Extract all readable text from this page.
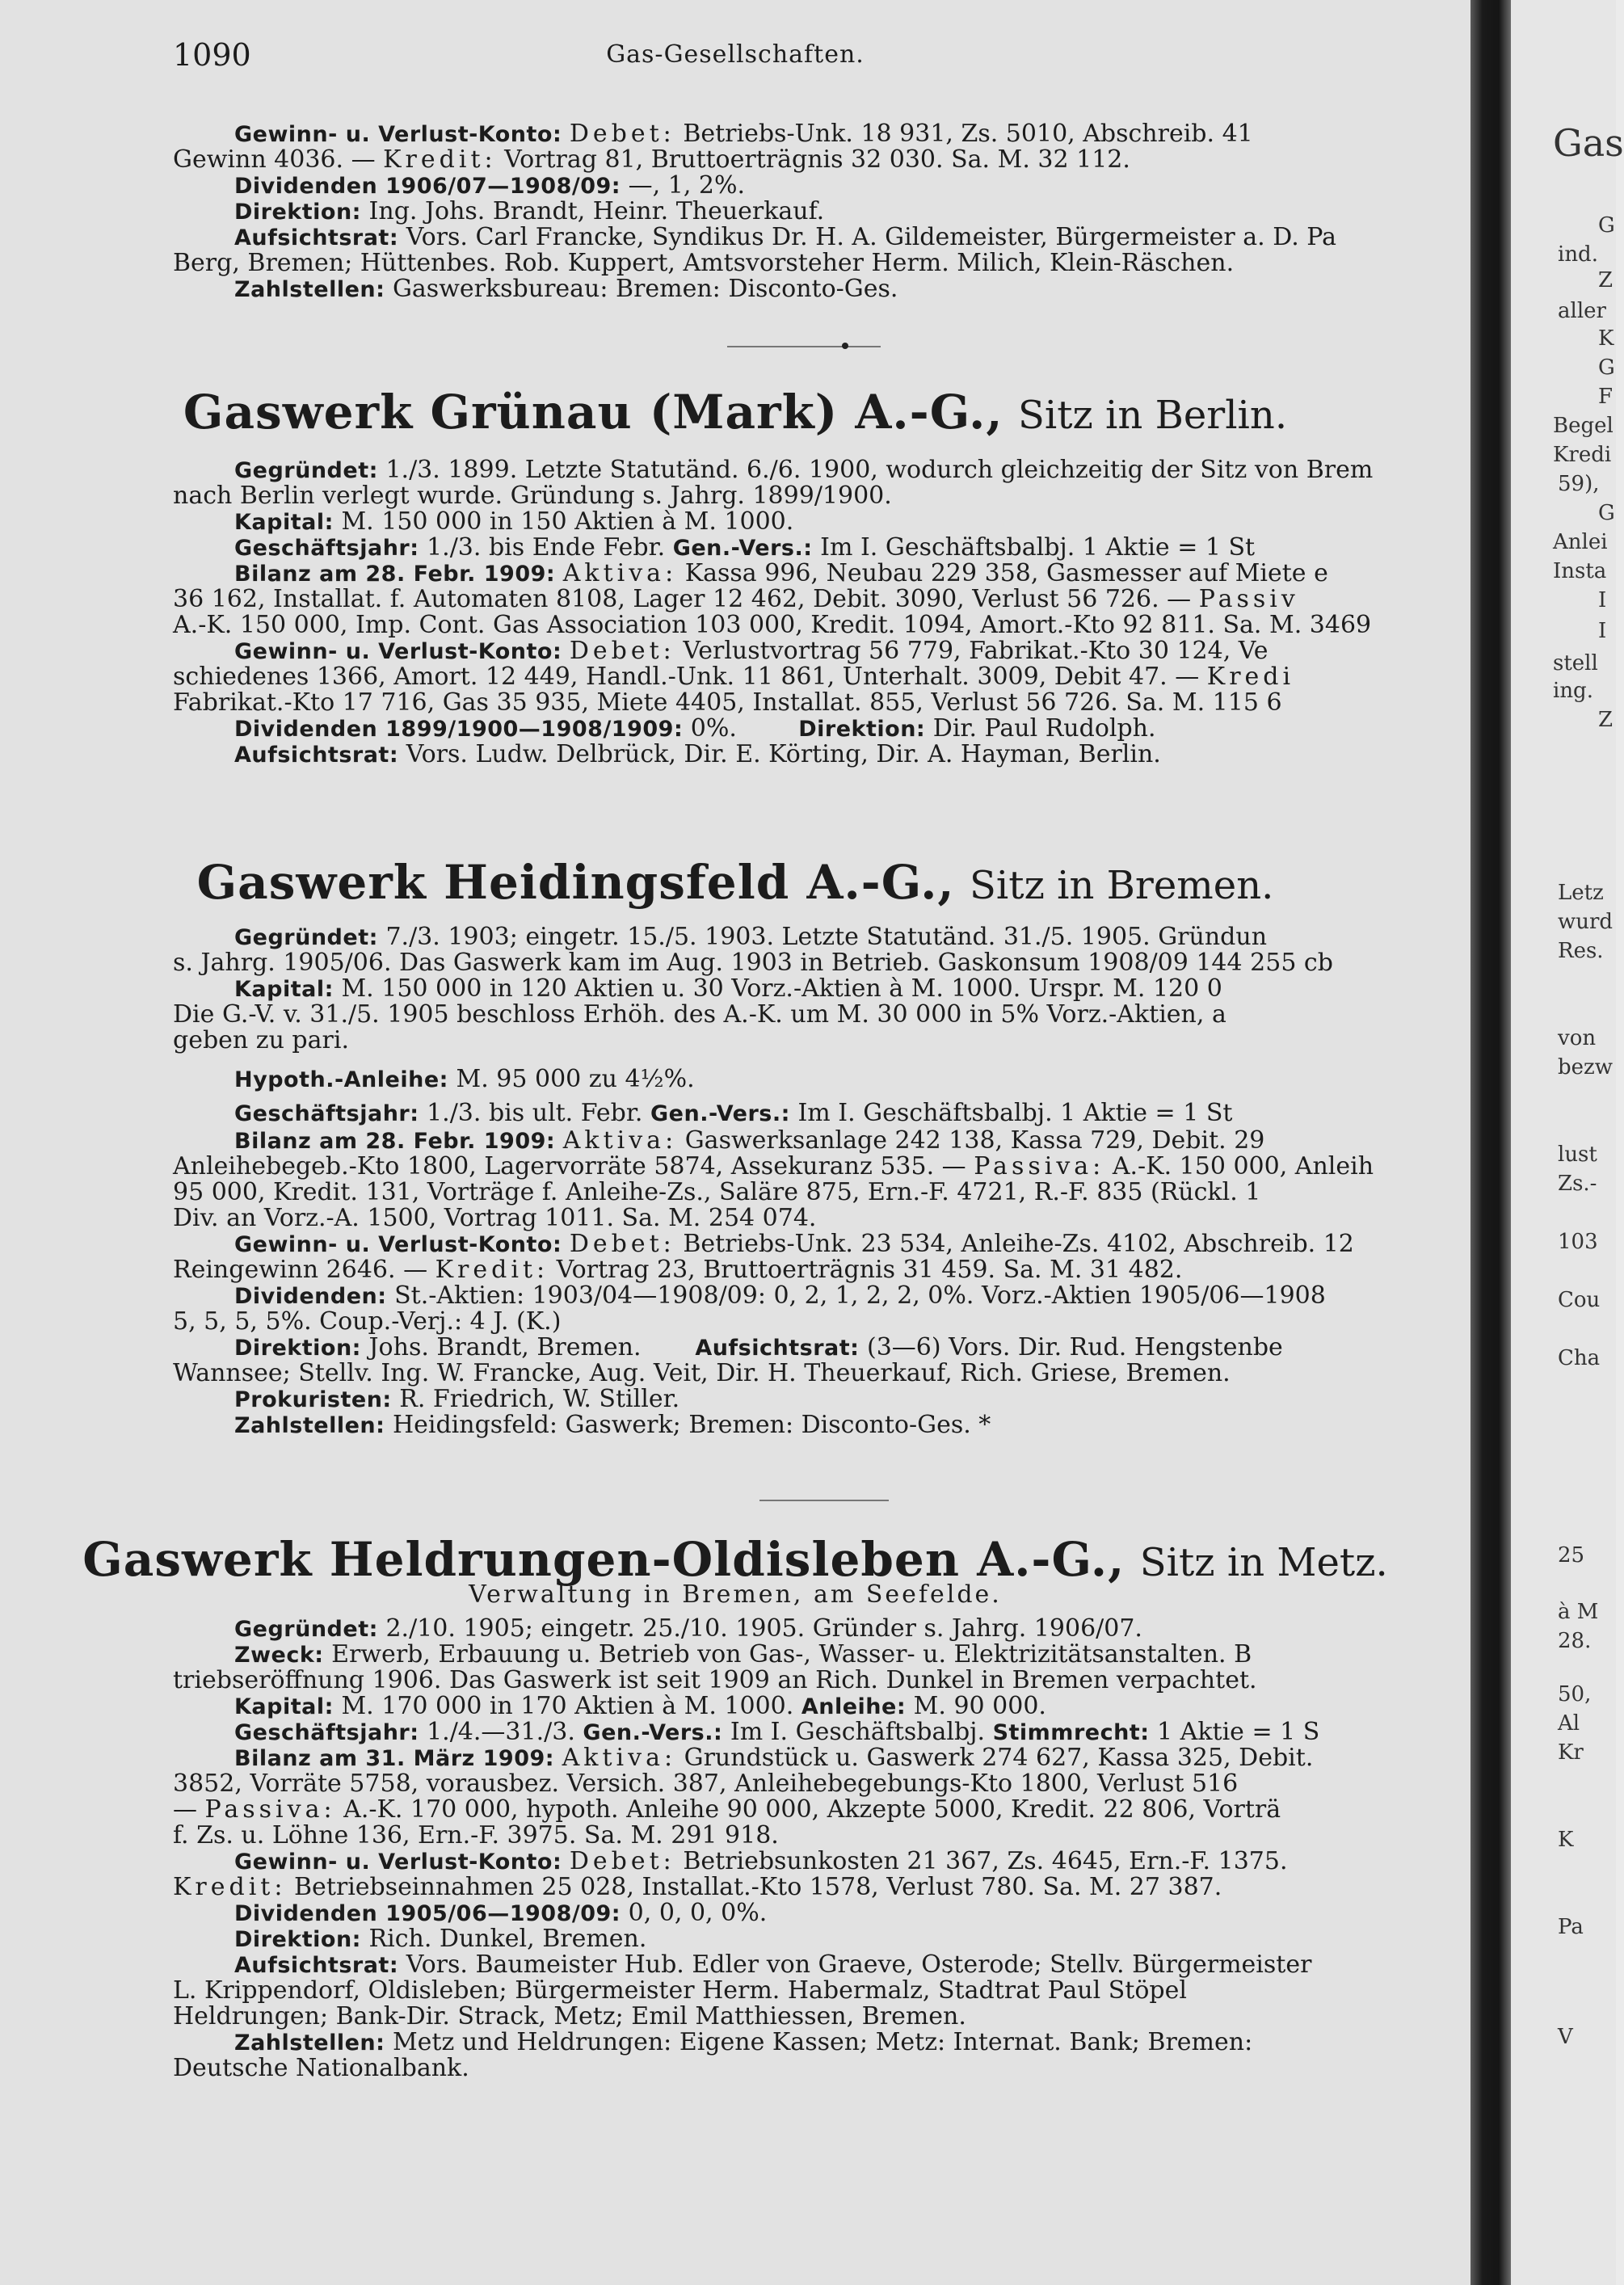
1090	Gas-Gesellschaften.
Gewinn- u. Verlust-Konto: Debet: Betriebs-Unk. 18 931, Zs. 5010, Abschreib. 41
Gewinn 4036. — Kredit: Vortrag 81, Bruttoerträgnis 32 030. Sa. M. 32 112.
Dividenden 1906/07—1908/09: —, 1, 2%.
Direktion: Ing. Johs. Brandt, Heinr. Theuerkauf.
Aufsichtsrat: Vors. Carl Francke, Syndikus Dr. H. A. Gildemeister, Bürgermeister a. D. Pa
Berg, Bremen; Hüttenbes. Rob. Kuppert, Amtsvorsteher Herm. Milich, Klein-Räschen.
Zahlstellen: Gaswerksbureau: Bremen: Disconto-Ges.
Gaswerk Grünau (Mark) A.-G., Sitz in Berlin.
Gegründet: 1./3. 1899. Letzte Statutänd. 6./6. 1900, wodurch gleichzeitig der Sitz von Brem
nach Berlin verlegt wurde. Gründung s. Jahrg. 1899/1900.
Kapital: M. 150 000 in 150 Aktien à M. 1000.
Geschäftsjahr: 1./3. bis Ende Febr. Gen.-Vers.: Im I. Geschäftsbalbj. 1 Aktie = 1 St
Bilanz am 28. Febr. 1909: Aktiva: Kassa 996, Neubau 229 358, Gasmesser auf Miete e
36 162, Installat. f. Automaten 8108, Lager 12 462, Debit. 3090, Verlust 56 726. — Passiv
A.-K. 150 000, Imp. Cont. Gas Association 103 000, Kredit. 1094, Amort.-Kto 92 811. Sa. M. 3469
Gewinn- u. Verlust-Konto: Debet: Verlustvortrag 56 779, Fabrikat.-Kto 30 124, Ve
schiedenes 1366, Amort. 12 449, Handl.-Unk. 11 861, Unterhalt. 3009, Debit 47. — Kredi
Fabrikat.-Kto 17 716, Gas 35 935, Miete 4405, Installat. 855, Verlust 56 726. Sa. M. 115 6
Dividenden 1899/1900—1908/1909: 0%.	Direktion: Dir. Paul Rudolph.
Aufsichtsrat: Vors. Ludw. Delbrück, Dir. E. Körting, Dir. A. Hayman, Berlin.
Gaswerk Heidingsfeld A.-G., Sitz in Bremen.
Gegründet: 7./3. 1903; eingetr. 15./5. 1903. Letzte Statutänd. 31./5. 1905. Gründun
s. Jahrg. 1905/06. Das Gaswerk kam im Aug. 1903 in Betrieb. Gaskonsum 1908/09 144 255 cb
Kapital: M. 150 000 in 120 Aktien u. 30 Vorz.-Aktien à M. 1000. Urspr. M. 120 0
Die G.-V. v. 31./5. 1905 beschloss Erhöh. des A.-K. um M. 30 000 in 5% Vorz.-Aktien, a
geben zu pari.
Hypoth.-Anleihe: M. 95 000 zu 4½%.
Geschäftsjahr: 1./3. bis ult. Febr. Gen.-Vers.: Im I. Geschäftsbalbj. 1 Aktie = 1 St
Bilanz am 28. Febr. 1909: Aktiva: Gaswerksanlage 242 138, Kassa 729, Debit. 29
Anleihebegeb.-Kto 1800, Lagervorräte 5874, Assekuranz 535. — Passiva: A.-K. 150 000, Anleih
95 000, Kredit. 131, Vorträge f. Anleihe-Zs., Saläre 875, Ern.-F. 4721, R.-F. 835 (Rückl. 1
Div. an Vorz.-A. 1500, Vortrag 1011. Sa. M. 254 074.
Gewinn- u. Verlust-Konto: Debet: Betriebs-Unk. 23 534, Anleihe-Zs. 4102, Abschreib. 12
Reingewinn 2646. — Kredit: Vortrag 23, Bruttoerträgnis 31 459. Sa. M. 31 482.
Dividenden: St.-Aktien: 1903/04—1908/09: 0, 2, 1, 2, 2, 0%. Vorz.-Aktien 1905/06—1908
5, 5, 5, 5%. Coup.-Verj.: 4 J. (K.)
Direktion: Johs. Brandt, Bremen. Aufsichtsrat: (3—6) Vors. Dir. Rud. Hengstenbe
Wannsee; Stellv. Ing. W. Francke, Aug. Veit, Dir. H. Theuerkauf, Rich. Griese, Bremen.
Prokuristen: R. Friedrich, W. Stiller.
Zahlstellen: Heidingsfeld: Gaswerk; Bremen: Disconto-Ges. *
Gaswerk Heldrungen-Oldisleben A.-G., Sitz in Metz.
Verwaltung in Bremen, am Seefelde.
Gegründet: 2./10. 1905; eingetr. 25./10. 1905. Gründer s. Jahrg. 1906/07.
Zweck: Erwerb, Erbauung u. Betrieb von Gas-, Wasser- u. Elektrizitätsanstalten. B
triebseröffnung 1906. Das Gaswerk ist seit 1909 an Rich. Dunkel in Bremen verpachtet.
Kapital: M. 170 000 in 170 Aktien à M. 1000. Anleihe: M. 90 000.
Geschäftsjahr: 1./4.—31./3. Gen.-Vers.: Im I. Geschäftsbalbj. Stimmrecht: 1 Aktie = 1 S
Bilanz am 31. März 1909: Aktiva: Grundstück u. Gaswerk 274 627, Kassa 325, Debit.
3852, Vorräte 5758, vorausbez. Versich. 387, Anleihebegebungs-Kto 1800, Verlust 516
— Passiva: A.-K. 170 000, hypoth. Anleihe 90 000, Akzepte 5000, Kredit. 22 806, Vorträ
f. Zs. u. Löhne 136, Ern.-F. 3975. Sa. M. 291 918.
Gewinn- u. Verlust-Konto: Debet: Betriebsunkosten 21 367, Zs. 4645, Ern.-F. 1375.
Kredit: Betriebseinnahmen 25 028, Installat.-Kto 1578, Verlust 780. Sa. M. 27 387.
Dividenden 1905/06—1908/09: 0, 0, 0, 0%.
Direktion: Rich. Dunkel, Bremen.
Aufsichtsrat: Vors. Baumeister Hub. Edler von Graeve, Osterode; Stellv. Bürgermeister
L. Krippendorf, Oldisleben; Bürgermeister Herm. Habermalz, Stadtrat Paul Stöpel
Heldrungen; Bank-Dir. Strack, Metz; Emil Matthiessen, Bremen.
Zahlstellen: Metz und Heldrungen: Eigene Kassen; Metz: Internat. Bank; Bremen:
Deutsche Nationalbank.
Gas
G
ind.
Z
aller
K
G
F
Begel
Kredi
59),
G
Anlei
Insta
I
I
stell
ing.
Z
Letz
wurd
Res.
von
bezw
lust
Zs.-
103
Cou
Cha
25
à M
28.
50,
Al
Kr
K
Pa
V
